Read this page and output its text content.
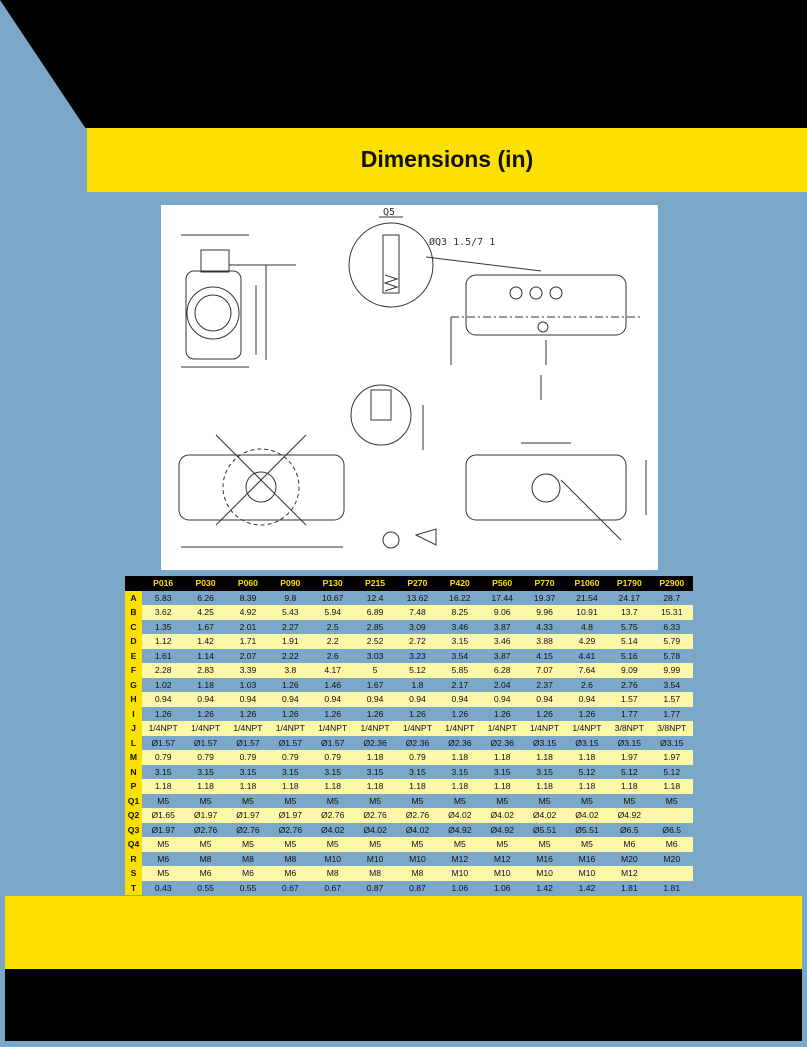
Dimensions (in)
Q5
ØQ3 1.5/7 1
	P016	P030	P060	P090	P130	P215	P270	P420	P560	P770	P1060	P1790	P2900
A	5.83	6.26	8.39	9.8	10.67	12.4	13.62	16.22	17.44	19.37	21.54	24.17	28.7
B	3.62	4.25	4.92	5.43	5.94	6.89	7.48	8.25	9.06	9.96	10.91	13.7	15.31
C	1.35	1.67	2.01	2.27	2.5	2.85	3.09	3.46	3.87	4.33	4.8	5.75	6.33
D	1.12	1.42	1.71	1.91	2.2	2.52	2.72	3.15	3.46	3.88	4.29	5.14	5.79
E	1.61	1.14	2.07	2.22	2.6	3.03	3.23	3.54	3.87	4.15	4.41	5.16	5.78
F	2.28	2.83	3.39	3.8	4.17	5	5.12	5.85	6.28	7.07	7.64	9.09	9.99
G	1.02	1.18	1.03	1.26	1.46	1.67	1.8	2.17	2.04	2.37	2.6	2.76	3.54
H	0.94	0.94	0.94	0.94	0.94	0.94	0.94	0.94	0.94	0.94	0.94	1.57	1.57
I	1.26	1.26	1.26	1.26	1.26	1.26	1.26	1.26	1.26	1.26	1.26	1.77	1.77
J	1/4NPT	1/4NPT	1/4NPT	1/4NPT	1/4NPT	1/4NPT	1/4NPT	1/4NPT	1/4NPT	1/4NPT	1/4NPT	3/8NPT	3/8NPT
L	Ø1.57	Ø1.57	Ø1.57	Ø1.57	Ø1.57	Ø2.36	Ø2.36	Ø2.36	Ø2.36	Ø3.15	Ø3.15	Ø3.15	Ø3.15
M	0.79	0.79	0.79	0.79	0.79	1.18	0.79	1.18	1.18	1.18	1.18	1.97	1.97
N	3.15	3.15	3.15	3.15	3.15	3.15	3.15	3.15	3.15	3.15	5.12	5.12	5.12
P	1.18	1.18	1.18	1.18	1.18	1.18	1.18	1.18	1.18	1.18	1.18	1.18	1.18
Q1	M5	M5	M5	M5	M5	M5	M5	M5	M5	M5	M5	M5	M5
Q2	Ø1.65	Ø1.97	Ø1.97	Ø1.97	Ø2.76	Ø2.76	Ø2.76	Ø4.02	Ø4.02	Ø4.02	Ø4.02	Ø4.92	
Q3	Ø1.97	Ø2.76	Ø2.76	Ø2.76	Ø4.02	Ø4.02	Ø4.02	Ø4.92	Ø4.92	Ø5.51	Ø5.51	Ø6.5	Ø6.5
Q4	M5	M5	M5	M5	M5	M5	M5	M5	M5	M5	M5	M6	M6
R	M6	M8	M8	M8	M10	M10	M10	M12	M12	M16	M16	M20	M20
S	M5	M6	M6	M6	M8	M8	M8	M10	M10	M10	M10	M12	
T	0.43	0.55	0.55	0.67	0.67	0.87	0.87	1.06	1.06	1.42	1.42	1.81	1.81
